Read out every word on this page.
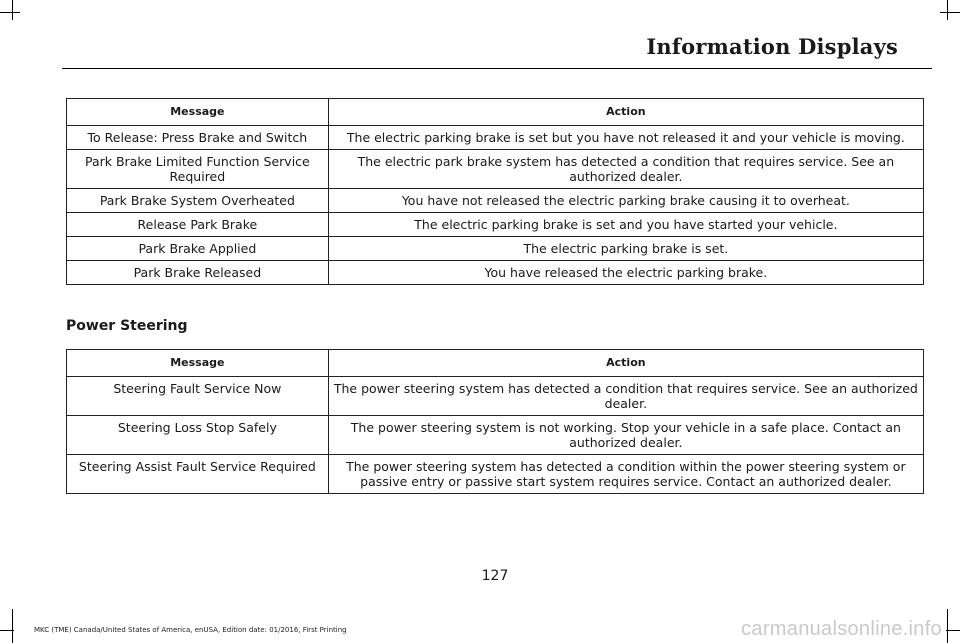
Information Displays
Message	Action
To Release: Press Brake and Switch	The electric parking brake is set but you have not released it and your vehicle is moving.
Park Brake Limited Function Service Required	The electric park brake system has detected a condition that requires service. See an authorized dealer.
Park Brake System Overheated	You have not released the electric parking brake causing it to overheat.
Release Park Brake	The electric parking brake is set and you have started your vehicle.
Park Brake Applied	The electric parking brake is set.
Park Brake Released	You have released the electric parking brake.
Power Steering
Message	Action
Steering Fault Service Now	The power steering system has detected a condition that requires service. See an authorized dealer.
Steering Loss Stop Safely	The power steering system is not working. Stop your vehicle in a safe place. Contact an authorized dealer.
Steering Assist Fault Service Required	The power steering system has detected a condition within the power steering system or passive entry or passive start system requires service. Contact an authorized dealer.
127
MKC (TME) Canada/United States of America, enUSA, Edition date: 01/2016, First Printing	carmanualsonline.info
